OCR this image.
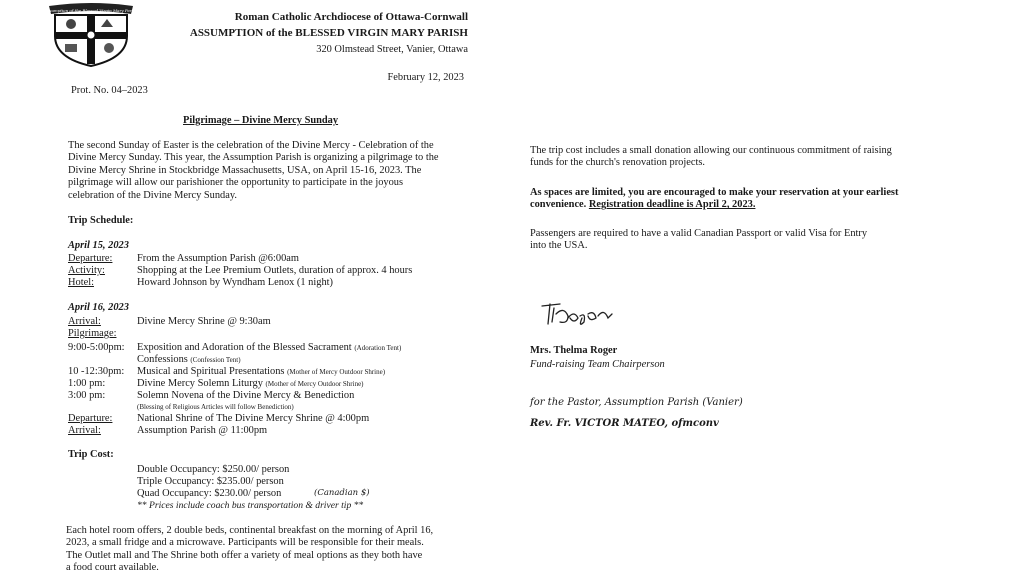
Assumption of the Blessed Virgin Mary Parish
Roman Catholic Archdiocese of Ottawa-Cornwall
ASSUMPTION of the BLESSED VIRGIN MARY PARISH
320 Olmstead Street, Vanier, Ottawa
February 12, 2023
Prot. No. 04–2023
Pilgrimage – Divine Mercy Sunday
The second Sunday of Easter is the celebration of the Divine Mercy - Celebration of the
Divine Mercy Sunday. This year, the Assumption Parish is organizing a pilgrimage to the
Divine Mercy Shrine in Stockbridge Massachusetts, USA, on April 15-16, 2023. The
pilgrimage will allow our parishioner the opportunity to participate in the joyous
celebration of the Divine Mercy Sunday.
Trip Schedule:
April 15, 2023
Departure: From the Assumption Parish @6:00am
Activity:	Shopping at the Lee Premium Outlets, duration of approx. 4 hours
Hotel:	Howard Johnson by Wyndham Lenox (1 night)
April 16, 2023
Arrival:	Divine Mercy Shrine @ 9:30am
Pilgrimage:
9:00-5:00pm: Exposition and Adoration of the Blessed Sacrament (Adoration Tent)
Confessions (Confession Tent)
10 -12:30pm: Musical and Spiritual Presentations (Mother of Mercy Outdoor Shrine)
1:00 pm:	Divine Mercy Solemn Liturgy (Mother of Mercy Outdoor Shrine)
3:00 pm:	Solemn Novena of the Divine Mercy & Benediction
(Blessing of Religious Articles will follow Benediction)
Departure: National Shrine of The Divine Mercy Shrine @ 4:00pm
Arrival:	Assumption Parish @ 11:00pm
Trip Cost:
Double Occupancy: $250.00/ person
Triple Occupancy: $235.00/ person
Quad Occupancy: $230.00/ person	(Canadian $)
** Prices include coach bus transportation & driver tip **
Each hotel room offers, 2 double beds, continental breakfast on the morning of April 16,
2023, a small fridge and a microwave. Participants will be responsible for their meals.
The Outlet mall and The Shrine both offer a variety of meal options as they both have
a food court available.
The trip cost includes a small donation allowing our continuous commitment of raising
funds for the church's renovation projects.
As spaces are limited, you are encouraged to make your reservation at your earliest
convenience. Registration deadline is April 2, 2023.
Passengers are required to have a valid Canadian Passport or valid Visa for Entry
into the USA.
Mrs. Thelma Roger
Fund-raising Team Chairperson
for the Pastor, Assumption Parish (Vanier)
Rev. Fr. VICTOR MATEO, ofmconv
